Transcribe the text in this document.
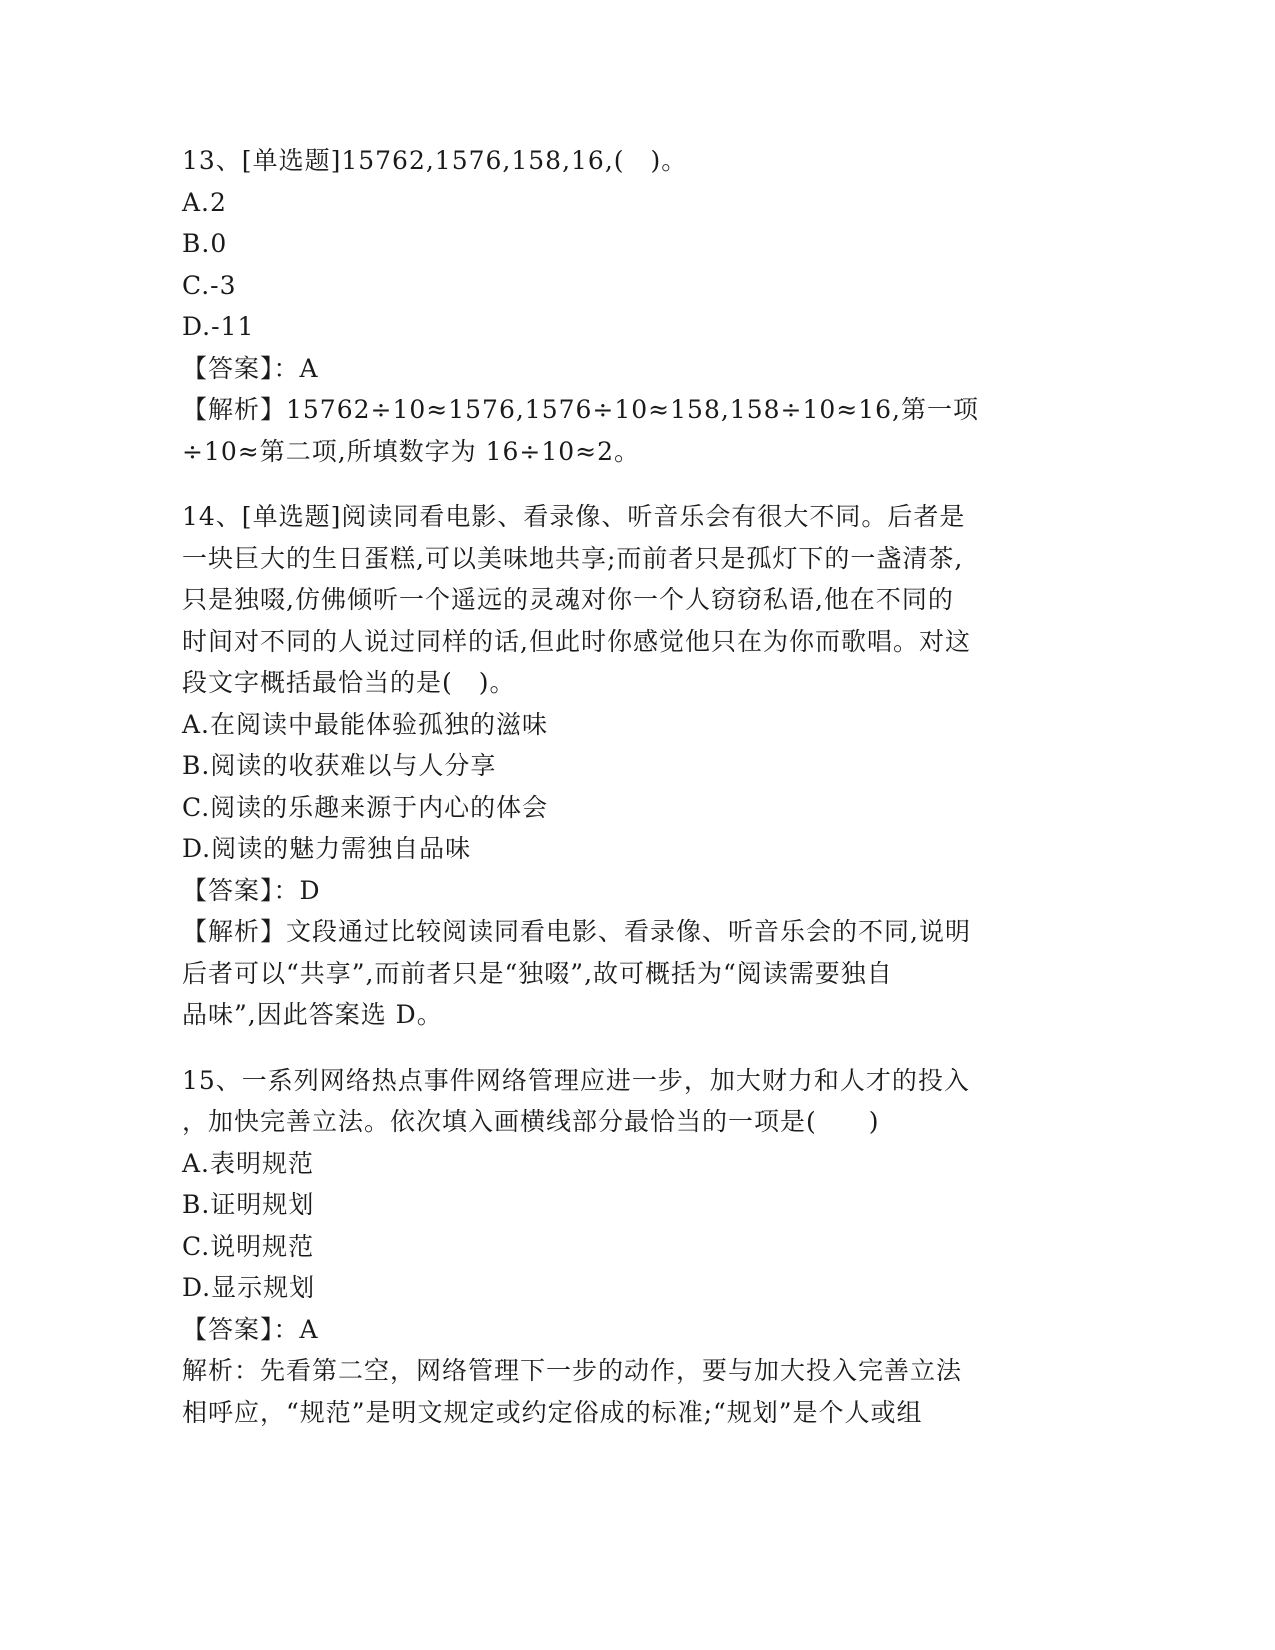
13、[单选题]15762,1576,158,16,(　)。
A.2
B.0
C.-3
D.-11
【答案】：A
【解析】15762÷10≈1576,1576÷10≈158,158÷10≈16,第一项
÷10≈第二项,所填数字为 16÷10≈2。
14、[单选题]阅读同看电影、看录像、听音乐会有很大不同。后者是
一块巨大的生日蛋糕,可以美味地共享;而前者只是孤灯下的一盏清茶,
只是独啜,仿佛倾听一个遥远的灵魂对你一个人窃窃私语,他在不同的
时间对不同的人说过同样的话,但此时你感觉他只在为你而歌唱。对这
段文字概括最恰当的是(　)。
A.在阅读中最能体验孤独的滋味
B.阅读的收获难以与人分享
C.阅读的乐趣来源于内心的体会
D.阅读的魅力需独自品味
【答案】：D
【解析】文段通过比较阅读同看电影、看录像、听音乐会的不同,说明
后者可以“共享”,而前者只是“独啜”,故可概括为“阅读需要独自
品味”,因此答案选 D。
15、一系列网络热点事件网络管理应进一步，加大财力和人才的投入
，加快完善立法。依次填入画横线部分最恰当的一项是(　　)
A.表明规范
B.证明规划
C.说明规范
D.显示规划
【答案】：A
解析：先看第二空，网络管理下一步的动作，要与加大投入完善立法
相呼应，“规范”是明文规定或约定俗成的标准;“规划”是个人或组
